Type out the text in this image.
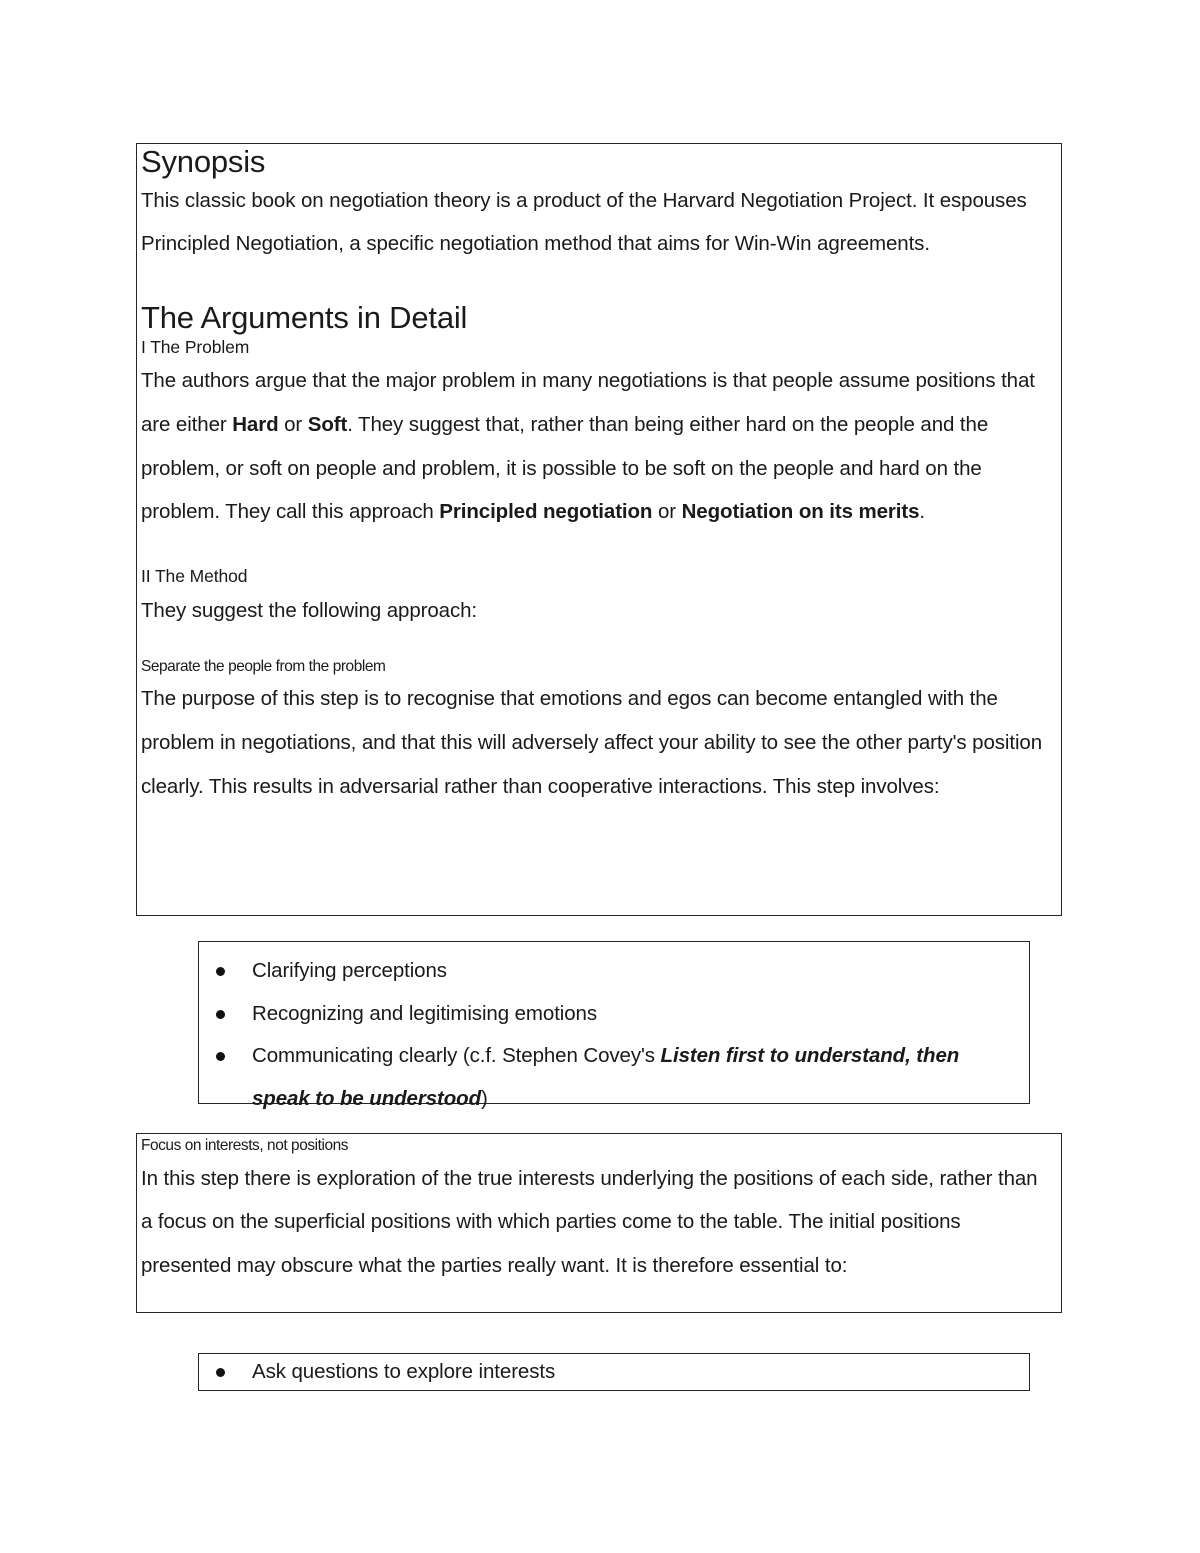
Synopsis

This classic book on negotiation theory is a product of the Harvard Negotiation Project. It espouses Principled Negotiation, a specific negotiation method that aims for Win-Win agreements.

The Arguments in Detail

I The Problem

The authors argue that the major problem in many negotiations is that people assume positions that are either Hard or Soft. They suggest that, rather than being either hard on the people and the problem, or soft on people and problem, it is possible to be soft on the people and hard on the problem. They call this approach Principled negotiation or Negotiation on its merits.

II The Method

They suggest the following approach:

Separate the people from the problem

The purpose of this step is to recognise that emotions and egos can become entangled with the problem in negotiations, and that this will adversely affect your ability to see the other party's position clearly. This results in adversarial rather than cooperative interactions. This step involves:

Clarifying perceptions
Recognizing and legitimising emotions
Communicating clearly (c.f. Stephen Covey's Listen first to understand, then speak to be understood)

Focus on interests, not positions

In this step there is exploration of the true interests underlying the positions of each side, rather than a focus on the superficial positions with which parties come to the table. The initial positions presented may obscure what the parties really want. It is therefore essential to:

Ask questions to explore interests
